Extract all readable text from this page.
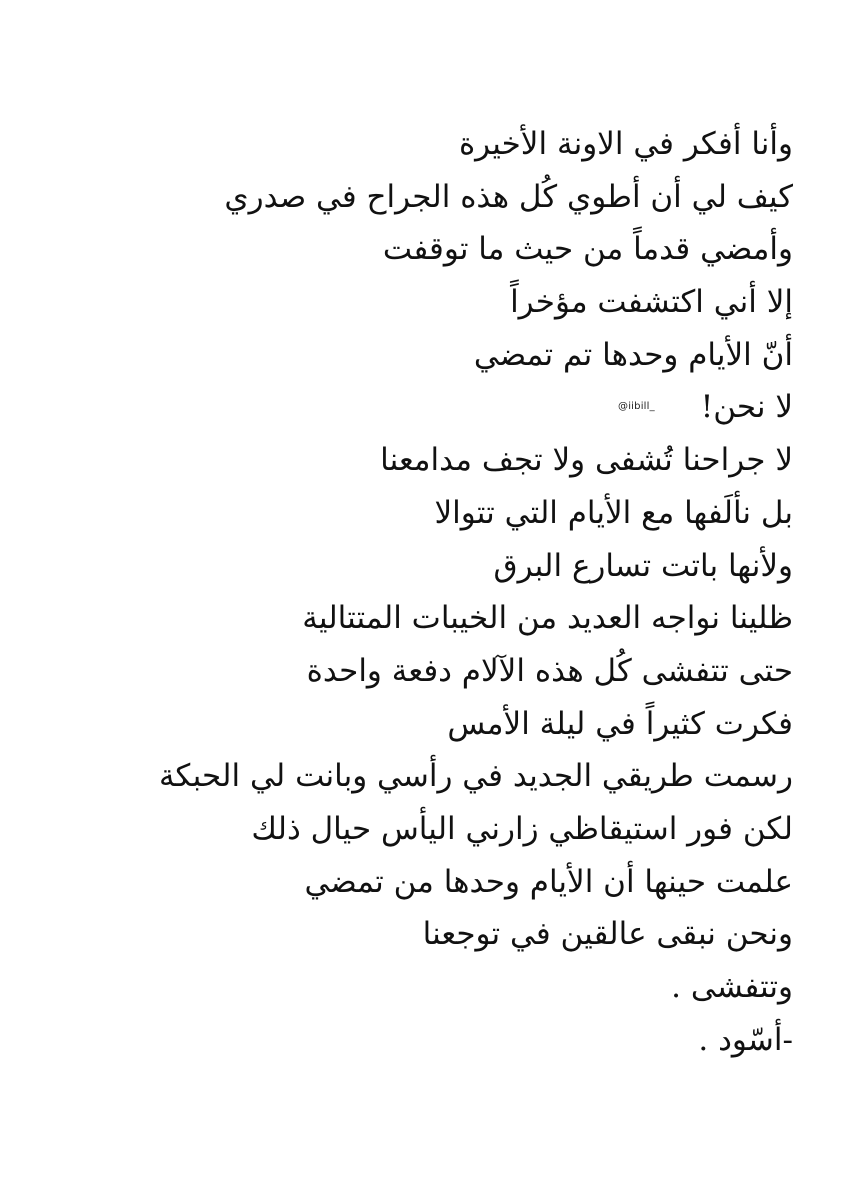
وأنا أفكر في الاونة الأخيرة
كيف لي أن أطوي كُل هذه الجراح في صدري
وأمضي قدماً من حيث ما توقفت
إلا أني اكتشفت مؤخراً
أنّ الأيام وحدها تم تمضي
لا نحن!
لا جراحنا تُشفى ولا تجف مدامعنا
بل نألَفها مع الأيام التي تتوالا
ولأنها باتت تسارع البرق
ظلينا نواجه العديد من الخيبات المتتالية
حتى تتفشى كُل هذه الآلام دفعة واحدة
فكرت كثيراً في ليلة الأمس
رسمت طريقي الجديد في رأسي وبانت لي الحبكة
لكن فور استيقاظي زارني اليأس حيال ذلك
علمت حينها أن الأيام وحدها من تمضي
ونحن نبقى عالقين في توجعنا
وتتفشى .
-أسّود .
@iibill_
